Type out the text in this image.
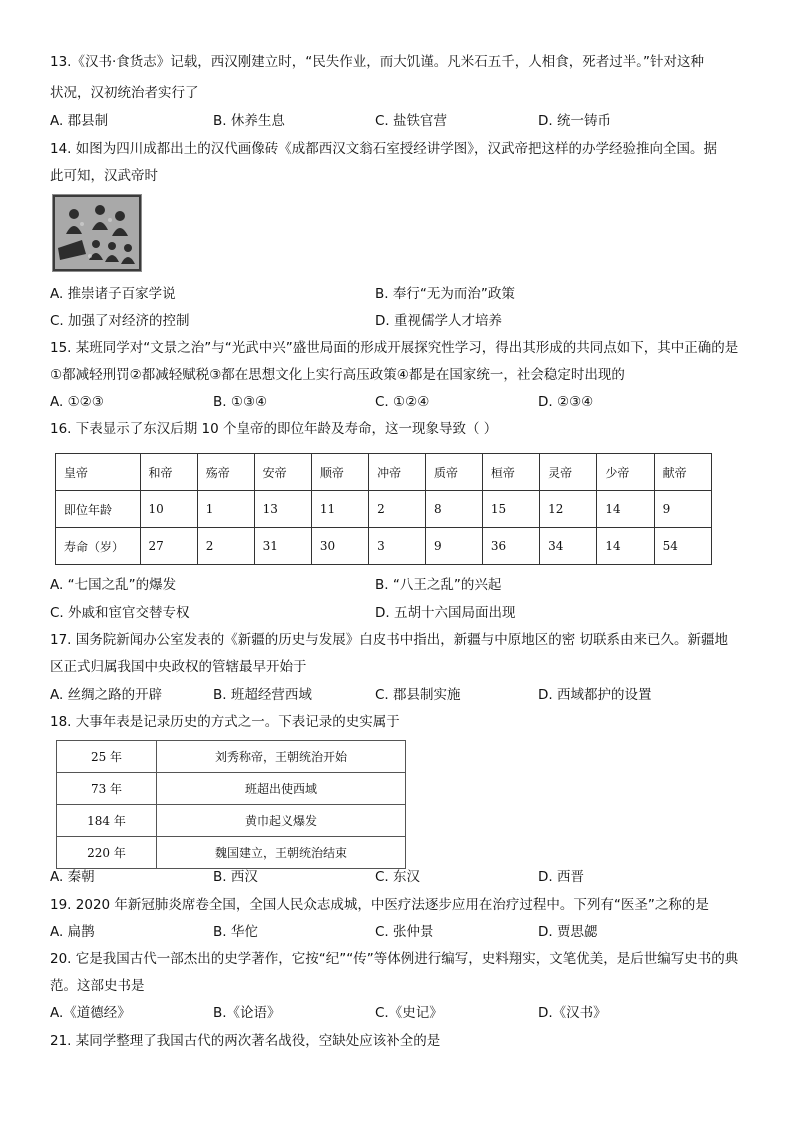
13.《汉书·食货志》记载，西汉刚建立时，“民失作业，而大饥谨。凡米石五千，人相食，死者过半。”针对这种
状况，汉初统治者实行了
A. 郡县制	B. 休养生息	C. 盐铁官营	D. 统一铸币
14. 如图为四川成都出土的汉代画像砖《成都西汉文翁石室授经讲学图》，汉武帝把这样的办学经验推向全国。据
此可知，汉武帝时
A. 推崇诸子百家学说	B. 奉行“无为而治”政策
C. 加强了对经济的控制	D. 重视儒学人才培养
15. 某班同学对“文景之治”与“光武中兴”盛世局面的形成开展探究性学习，得出其形成的共同点如下，其中正确的是
①都减轻刑罚②都减轻赋税③都在思想文化上实行高压政策④都是在国家统一，社会稳定时出现的
A. ①②③	B. ①③④	C. ①②④	D. ②③④
16. 下表显示了东汉后期 10 个皇帝的即位年龄及寿命，这一现象导致（ ）
皇帝	和帝	殇帝	安帝	顺帝	冲帝	质帝	桓帝	灵帝	少帝	献帝
即位年龄	10	1	13	11	2	8	15	12	14	9
寿命（岁）	27	2	31	30	3	9	36	34	14	54
A. “七国之乱”的爆发	B. “八王之乱”的兴起
C. 外戚和宦官交替专权	D. 五胡十六国局面出现
17. 国务院新闻办公室发表的《新疆的历史与发展》白皮书中指出，新疆与中原地区的密 切联系由来已久。新疆地
区正式归属我国中央政权的管辖最早开始于
A. 丝绸之路的开辟	B. 班超经营西域	C. 郡县制实施	D. 西域都护的设置
18. 大事年表是记录历史的方式之一。下表记录的史实属于
25 年	刘秀称帝，王朝统治开始
73 年	班超出使西域
184 年	黄巾起义爆发
220 年	魏国建立，王朝统治结束
A. 秦朝	B. 西汉	C. 东汉	D. 西晋
19. 2020 年新冠肺炎席卷全国，全国人民众志成城，中医疗法逐步应用在治疗过程中。下列有“医圣”之称的是
A. 扁鹊	B. 华佗	C. 张仲景	D. 贾思勰
20. 它是我国古代一部杰出的史学著作，它按“纪”“传”等体例进行编写，史料翔实，文笔优美，是后世编写史书的典
范。这部史书是
A.《道德经》	B.《论语》	C.《史记》	D.《汉书》
21. 某同学整理了我国古代的两次著名战役，空缺处应该补全的是
